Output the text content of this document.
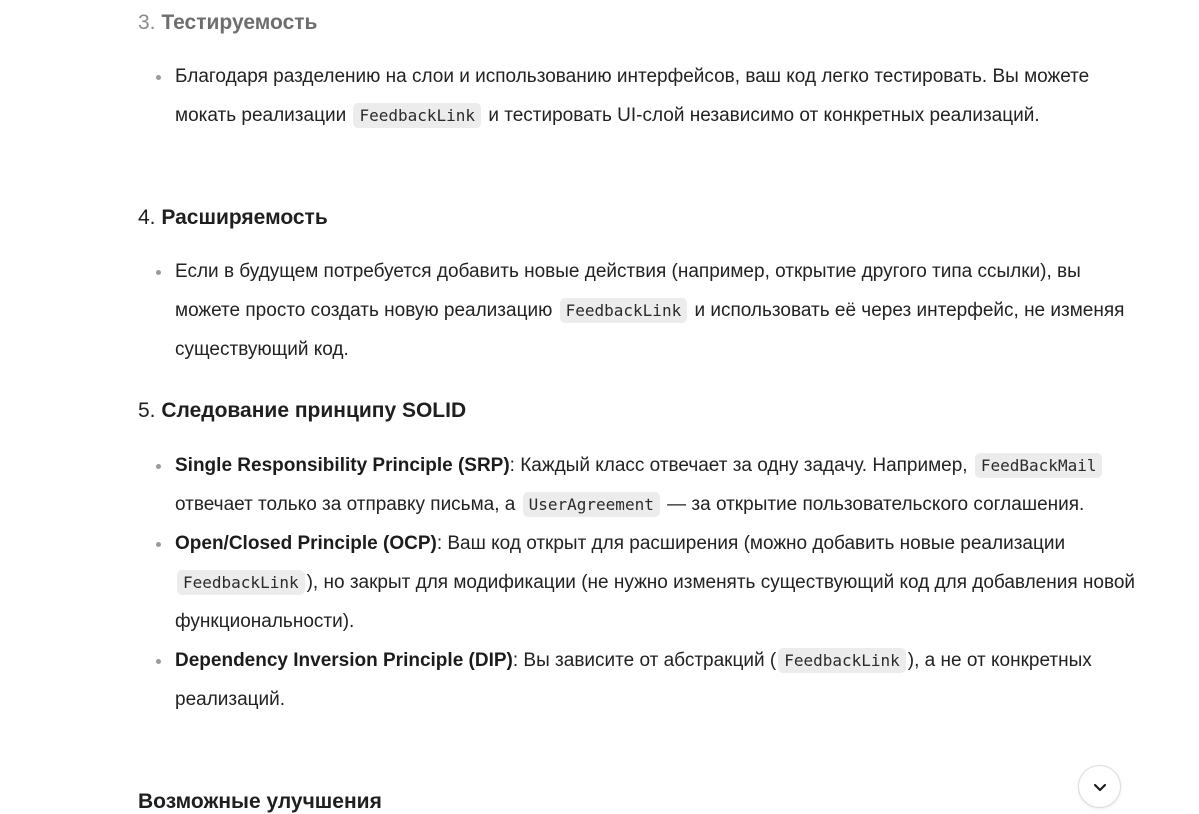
3. Тестируемость
Благодаря разделению на слои и использованию интерфейсов, ваш код легко тестировать. Вы можете мокать реализации FeedbackLink и тестировать UI-слой независимо от конкретных реализаций.
4. Расширяемость
Если в будущем потребуется добавить новые действия (например, открытие другого типа ссылки), вы можете просто создать новую реализацию FeedbackLink и использовать её через интерфейс, не изменяя существующий код.
5. Следование принципу SOLID
Single Responsibility Principle (SRP): Каждый класс отвечает за одну задачу. Например, FeedBackMail отвечает только за отправку письма, а UserAgreement — за открытие пользовательского соглашения.
Open/Closed Principle (OCP): Ваш код открыт для расширения (можно добавить новые реализации FeedbackLink ), но закрыт для модификации (не нужно изменять существующий код для добавления новой функциональности).
Dependency Inversion Principle (DIP): Вы зависите от абстракций ( FeedbackLink ), а не от конкретных реализаций.
Возможные улучшения
